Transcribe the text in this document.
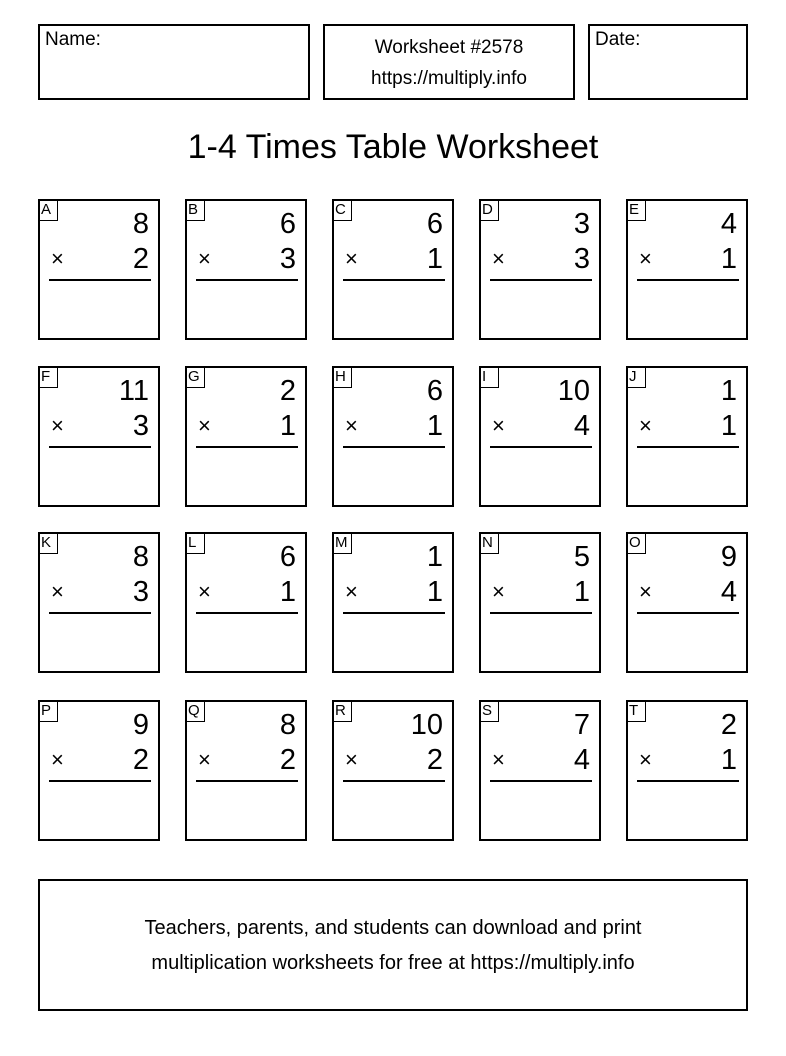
Name:	Worksheet #2578
https://multiply.info
Date:
1-4 Times Table Worksheet
A	8
× 2
B	6
× 3
C	6
× 1
D	3
× 3
E	4
× 1
F 11
× 3
G	2
× 1
H	6
× 1
I	10
× 4
J	1
× 1
K	8
× 3
L	6
× 1
M	1
× 1
N	5
× 1
O	9
× 4
P	9
× 2
Q	8
× 2
R 10
× 2
S	7
× 4
T	2
× 1
Teachers, parents, and students can download and print
multiplication worksheets for free at https://multiply.info
